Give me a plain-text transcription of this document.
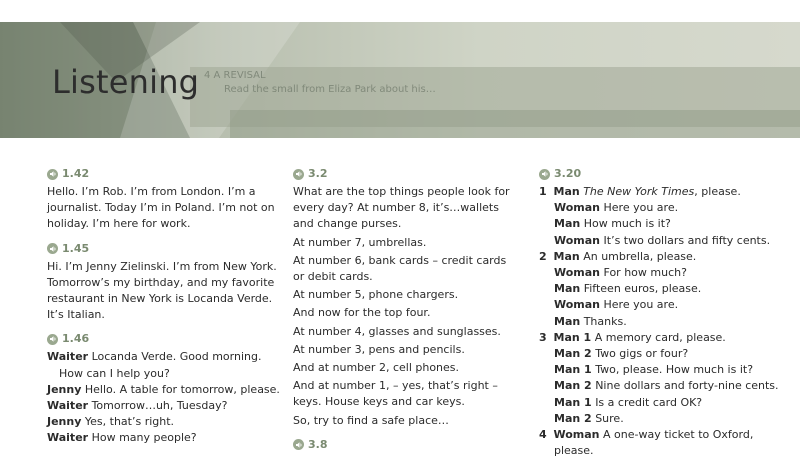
4 A REVISAL
Read the small from Eliza Park about his…
Listening
1.42

Hello. I’m Rob. I’m from London. I’m a journalist. Today I’m in Poland. I’m not on holiday. I’m here for work.

1.45

Hi. I’m Jenny Zielinski. I’m from New York. Tomorrow’s my birthday, and my favorite restaurant in New York is Locanda Verde. It’s Italian.

1.46
Waiter Locanda Verde. Good morning.
How can I help you?
Jenny Hello. A table for tomorrow, please.
Waiter Tomorrow…uh, Tuesday?
Jenny Yes, that’s right.
Waiter How many people?
3.2

What are the top things people look for every day? At number 8, it’s…wallets and change purses.

At number 7, umbrellas.

At number 6, bank cards – credit cards or debit cards.

At number 5, phone chargers.

And now for the top four.

At number 4, glasses and sunglasses.

At number 3, pens and pencils.

And at number 2, cell phones.

And at number 1, – yes, that’s right – keys. House keys and car keys.

So, try to find a safe place…

3.8
3.20
1 Man The New York Times, please.
Woman Here you are.
Man How much is it?
Woman It’s two dollars and fifty cents.
2 Man An umbrella, please.
Woman For how much?
Man Fifteen euros, please.
Woman Here you are.
Man Thanks.
3 Man 1 A memory card, please.
Man 2 Two gigs or four?
Man 1 Two, please. How much is it?
Man 2 Nine dollars and forty-nine cents.
Man 1 Is a credit card OK?
Man 2 Sure.
4 Woman A one-way ticket to Oxford,
please.
